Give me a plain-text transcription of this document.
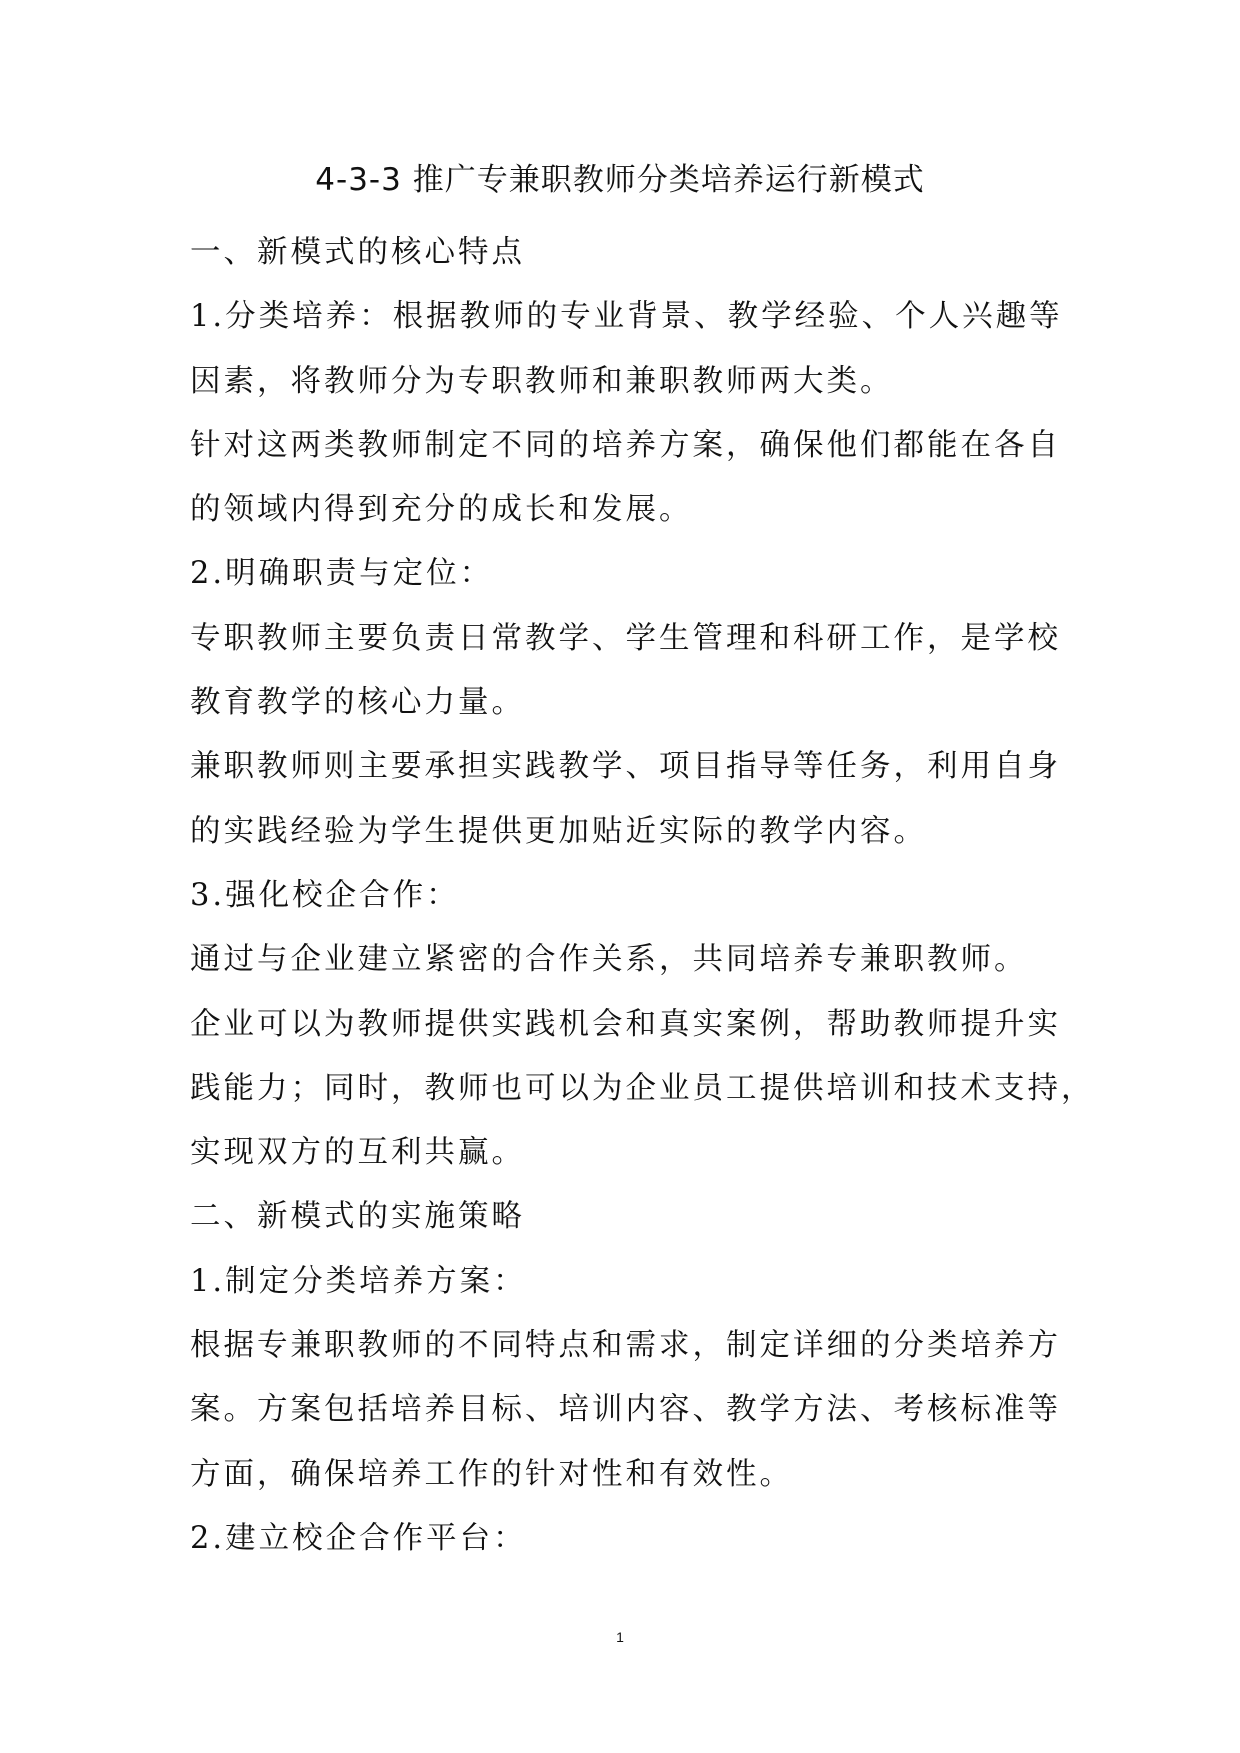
4-3-3 推广专兼职教师分类培养运行新模式
一、新模式的核心特点
1.分类培养：根据教师的专业背景、教学经验、个人兴趣等
因素，将教师分为专职教师和兼职教师两大类。
针对这两类教师制定不同的培养方案，确保他们都能在各自
的领域内得到充分的成长和发展。
2.明确职责与定位：
专职教师主要负责日常教学、学生管理和科研工作，是学校
教育教学的核心力量。
兼职教师则主要承担实践教学、项目指导等任务，利用自身
的实践经验为学生提供更加贴近实际的教学内容。
3.强化校企合作：
通过与企业建立紧密的合作关系，共同培养专兼职教师。
企业可以为教师提供实践机会和真实案例，帮助教师提升实
践能力；同时，教师也可以为企业员工提供培训和技术支持，
实现双方的互利共赢。
二、新模式的实施策略
1.制定分类培养方案：
根据专兼职教师的不同特点和需求，制定详细的分类培养方
案。方案包括培养目标、培训内容、教学方法、考核标准等
方面，确保培养工作的针对性和有效性。
2.建立校企合作平台：
1
